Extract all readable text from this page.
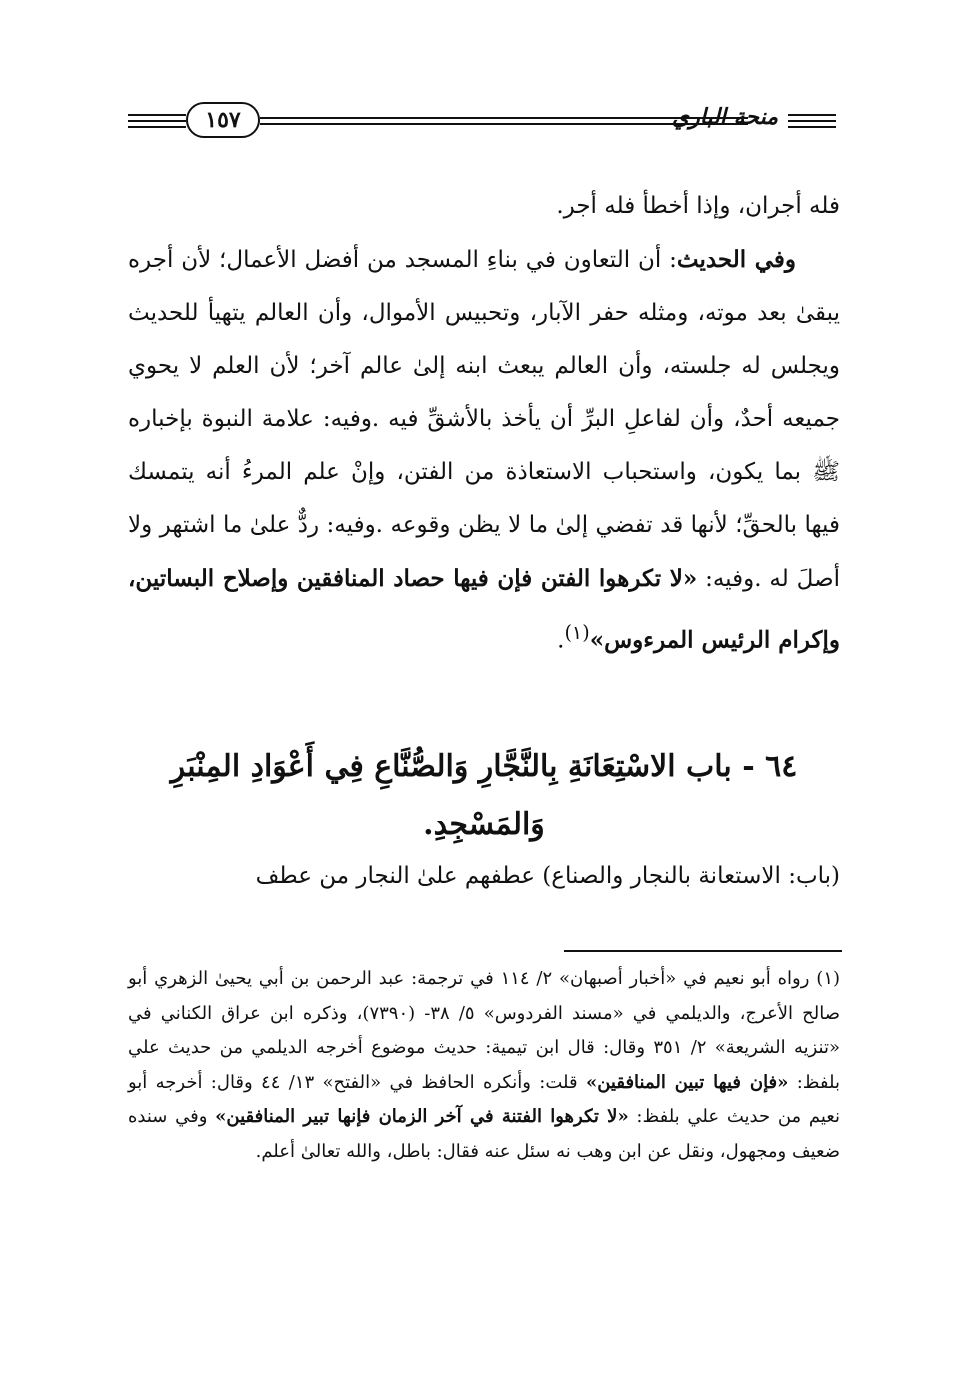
١٥٧	منحة الباري

فله أجران، وإذا أخطأ فله أجر.

وفي الحديث: أن التعاون في بناءِ المسجد من أفضل الأعمال؛ لأن أجره يبقىٰ بعد موته، ومثله حفر الآبار، وتحبيس الأموال، وأن العالم يتهيأ للحديث ويجلس له جلسته، وأن العالم يبعث ابنه إلىٰ عالم آخر؛ لأن العلم لا يحوي جميعه أحدٌ، وأن لفاعلِ البرِّ أن يأخذ بالأشقِّ فيه .وفيه: علامة النبوة بإخباره ﷺ بما يكون، واستحباب الاستعاذة من الفتن، وإنْ علم المرءُ أنه يتمسك فيها بالحقِّ؛ لأنها قد تفضي إلىٰ ما لا يظن وقوعه .وفيه: ردٌّ علىٰ ما اشتهر ولا أصلَ له .وفيه: «لا تكرهوا الفتن فإن فيها حصاد المنافقين وإصلاح البساتين، وإكرام الرئيس المرءوس»$^{(١)}$.

٦٤ - باب الاسْتِعَانَةِ بِالنَّجَّارِ وَالصُّنَّاعِ فِي أَعْوَادِ المِنْبَرِ وَالمَسْجِدِ.
(باب: الاستعانة بالنجار والصناع) عطفهم علىٰ النجار من عطف
(١) رواه أبو نعيم في «أخبار أصبهان» ٢/ ١١٤ في ترجمة: عبد الرحمن بن أبي يحيىٰ الزهري أبو صالح الأعرج، والديلمي في «مسند الفردوس» ٥/ ٣٨- (٧٣٩٠)، وذكره ابن عراق الكناني في «تنزيه الشريعة» ٢/ ٣٥١ وقال: قال ابن تيمية: حديث موضوع أخرجه الديلمي من حديث علي بلفظ: «فإن فيها تبين المنافقين» قلت: وأنكره الحافظ في «الفتح» ١٣/ ٤٤ وقال: أخرجه أبو نعيم من حديث علي بلفظ: «لا تكرهوا الفتنة في آخر الزمان فإنها تبير المنافقين» وفي سنده ضعيف ومجهول، ونقل عن ابن وهب نه سئل عنه فقال: باطل، والله تعالىٰ أعلم.
